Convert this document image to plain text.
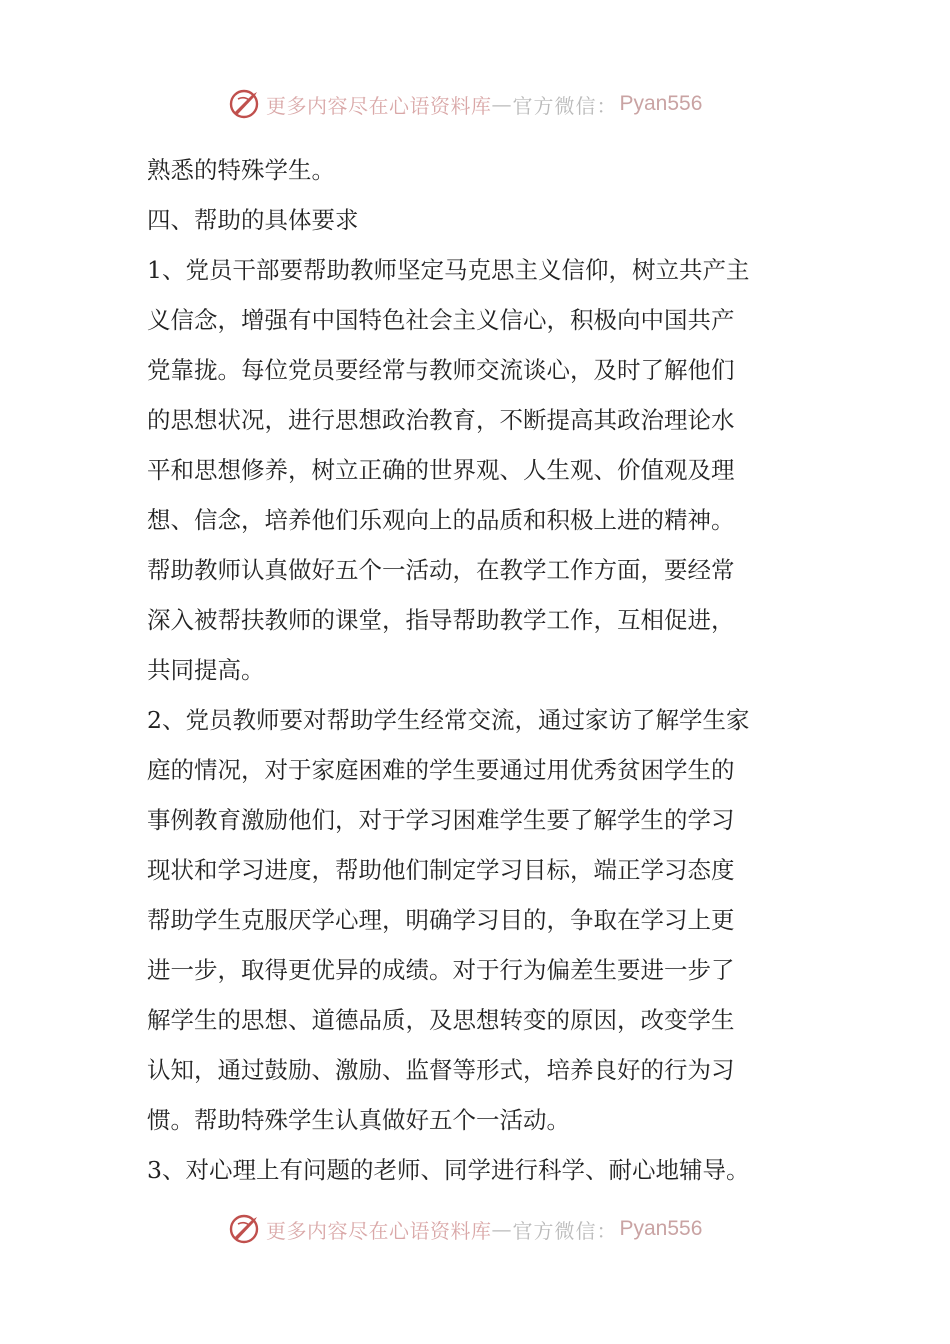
更多内容尽在心语资料库 — 官方微信： Pyan556
熟悉的特殊学生。
四、帮助的具体要求
1、党员干部要帮助教师坚定马克思主义信仰，树立共产主
义信念，增强有中国特色社会主义信心，积极向中国共产
党靠拢。每位党员要经常与教师交流谈心，及时了解他们
的思想状况，进行思想政治教育，不断提高其政治理论水
平和思想修养，树立正确的世界观、人生观、价值观及理
想、信念，培养他们乐观向上的品质和积极上进的精神。
帮助教师认真做好五个一活动，在教学工作方面，要经常
深入被帮扶教师的课堂，指导帮助教学工作，互相促进，
共同提高。
2、党员教师要对帮助学生经常交流，通过家访了解学生家
庭的情况，对于家庭困难的学生要通过用优秀贫困学生的
事例教育激励他们，对于学习困难学生要了解学生的学习
现状和学习进度，帮助他们制定学习目标，端正学习态度
帮助学生克服厌学心理，明确学习目的，争取在学习上更
进一步，取得更优异的成绩。对于行为偏差生要进一步了
解学生的思想、道德品质，及思想转变的原因，改变学生
认知，通过鼓励、激励、监督等形式，培养良好的行为习
惯。帮助特殊学生认真做好五个一活动。
3、对心理上有问题的老师、同学进行科学、耐心地辅导。
更多内容尽在心语资料库 — 官方微信： Pyan556
